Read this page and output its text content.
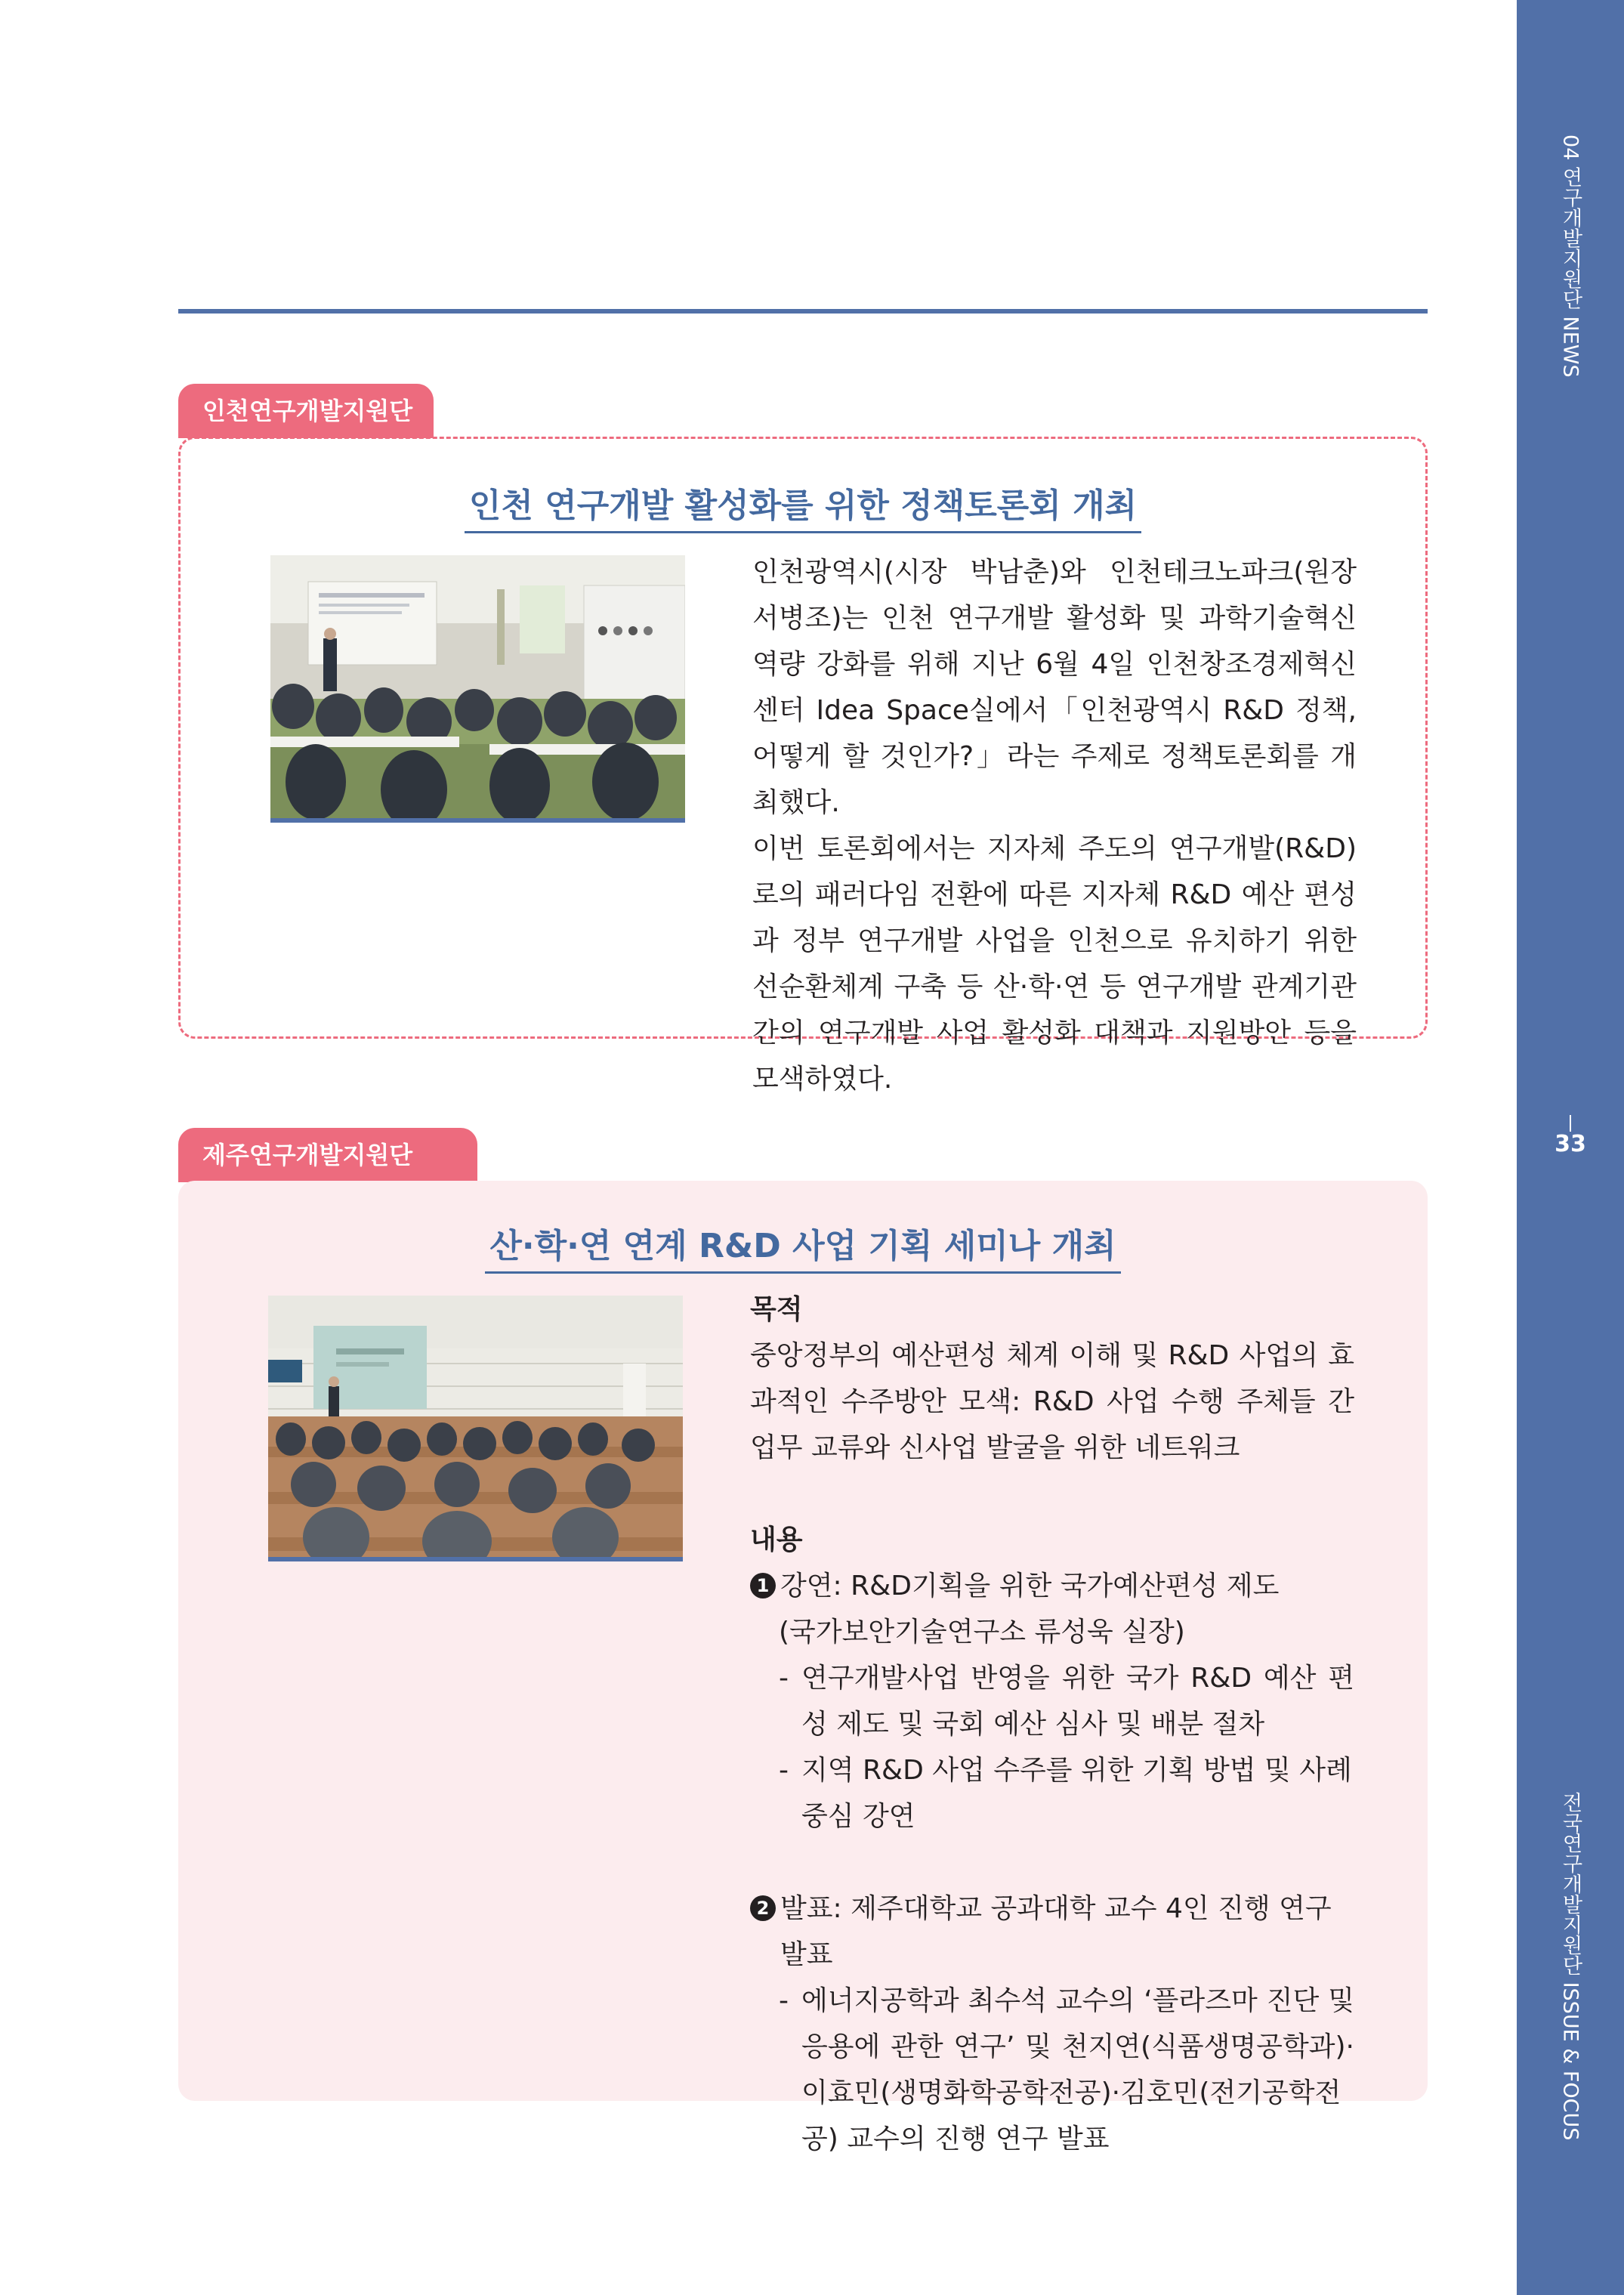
04 연구개발지원단 NEWS
33
전국연구개발지원단 ISSUE & FOCUS
인천연구개발지원단
인천 연구개발 활성화를 위한 정책토론회 개최
인천광역시(시장 박남춘)와 인천테크노파크(원장 서병조)는 인천 연구개발 활성화 및 과학기술혁신역량 강화를 위해 지난 6월 4일 인천창조경제혁신센터 Idea Space실에서「인천광역시 R&D 정책, 어떻게 할 것인가?」라는 주제로 정책토론회를 개최했다.
이번 토론회에서는 지자체 주도의 연구개발(R&D)로의 패러다임 전환에 따른 지자체 R&D 예산 편성과 정부 연구개발 사업을 인천으로 유치하기 위한 선순환체계 구축 등 산·학·연 등 연구개발 관계기관 간의 연구개발 사업 활성화 대책과 지원방안 등을 모색하였다.
제주연구개발지원단
산·학·연 연계 R&D 사업 기획 세미나 개최
목적
중앙정부의 예산편성 체계 이해 및 R&D 사업의 효과적인 수주방안 모색: R&D 사업 수행 주체들 간 업무 교류와 신사업 발굴을 위한 네트워크
내용
1 강연: R&D기획을 위한 국가예산편성 제도
(국가보안기술연구소 류성욱 실장)
- 연구개발사업 반영을 위한 국가 R&D 예산 편성 제도 및 국회 예산 심사 및 배분 절차
- 지역 R&D 사업 수주를 위한 기획 방법 및 사례 중심 강연
2 발표: 제주대학교 공과대학 교수 4인 진행 연구 발표
- 에너지공학과 최수석 교수의 ‘플라즈마 진단 및 응용에 관한 연구’ 및 천지연(식품생명공학과)·이효민(생명화학공학전공)·김호민(전기공학전공) 교수의 진행 연구 발표
